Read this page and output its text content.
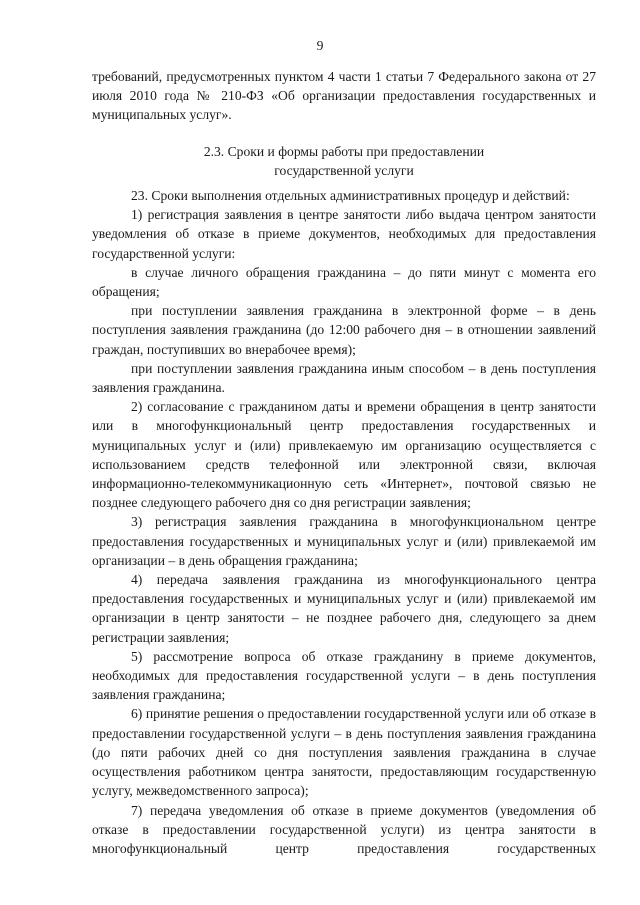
9

требований, предусмотренных пунктом 4 части 1 статьи 7 Федерального закона от 27 июля 2010 года № 210-ФЗ «Об организации предоставления государственных и муниципальных услуг».

2.3. Сроки и формы работы при предоставлении
государственной услуги

23. Сроки выполнения отдельных административных процедур и действий:

1) регистрация заявления в центре занятости либо выдача центром занятости уведомления об отказе в приеме документов, необходимых для предоставления государственной услуги:

в случае личного обращения гражданина – до пяти минут с момента его обращения;

при поступлении заявления гражданина в электронной форме – в день поступления заявления гражданина (до 12:00 рабочего дня – в отношении заявлений граждан, поступивших во внерабочее время);

при поступлении заявления гражданина иным способом – в день поступления заявления гражданина.

2) согласование с гражданином даты и времени обращения в центр занятости или в многофункциональный центр предоставления государственных и муниципальных услуг и (или) привлекаемую им организацию осуществляется с использованием средств телефонной или электронной связи, включая информационно-телекоммуникационную сеть «Интернет», почтовой связью не позднее следующего рабочего дня со дня регистрации заявления;

3) регистрация заявления гражданина в многофункциональном центре предоставления государственных и муниципальных услуг и (или) привлекаемой им организации – в день обращения гражданина;

4) передача заявления гражданина из многофункционального центра предоставления государственных и муниципальных услуг и (или) привлекаемой им организации в центр занятости – не позднее рабочего дня, следующего за днем регистрации заявления;

5) рассмотрение вопроса об отказе гражданину в приеме документов, необходимых для предоставления государственной услуги – в день поступления заявления гражданина;

6) принятие решения о предоставлении государственной услуги или об отказе в предоставлении государственной услуги – в день поступления заявления гражданина (до пяти рабочих дней со дня поступления заявления гражданина в случае осуществления работником центра занятости, предоставляющим государственную услугу, межведомственного запроса);

7) передача уведомления об отказе в приеме документов (уведомления об отказе в предоставлении государственной услуги) из центра занятости в многофункциональный центр предоставления государственных
